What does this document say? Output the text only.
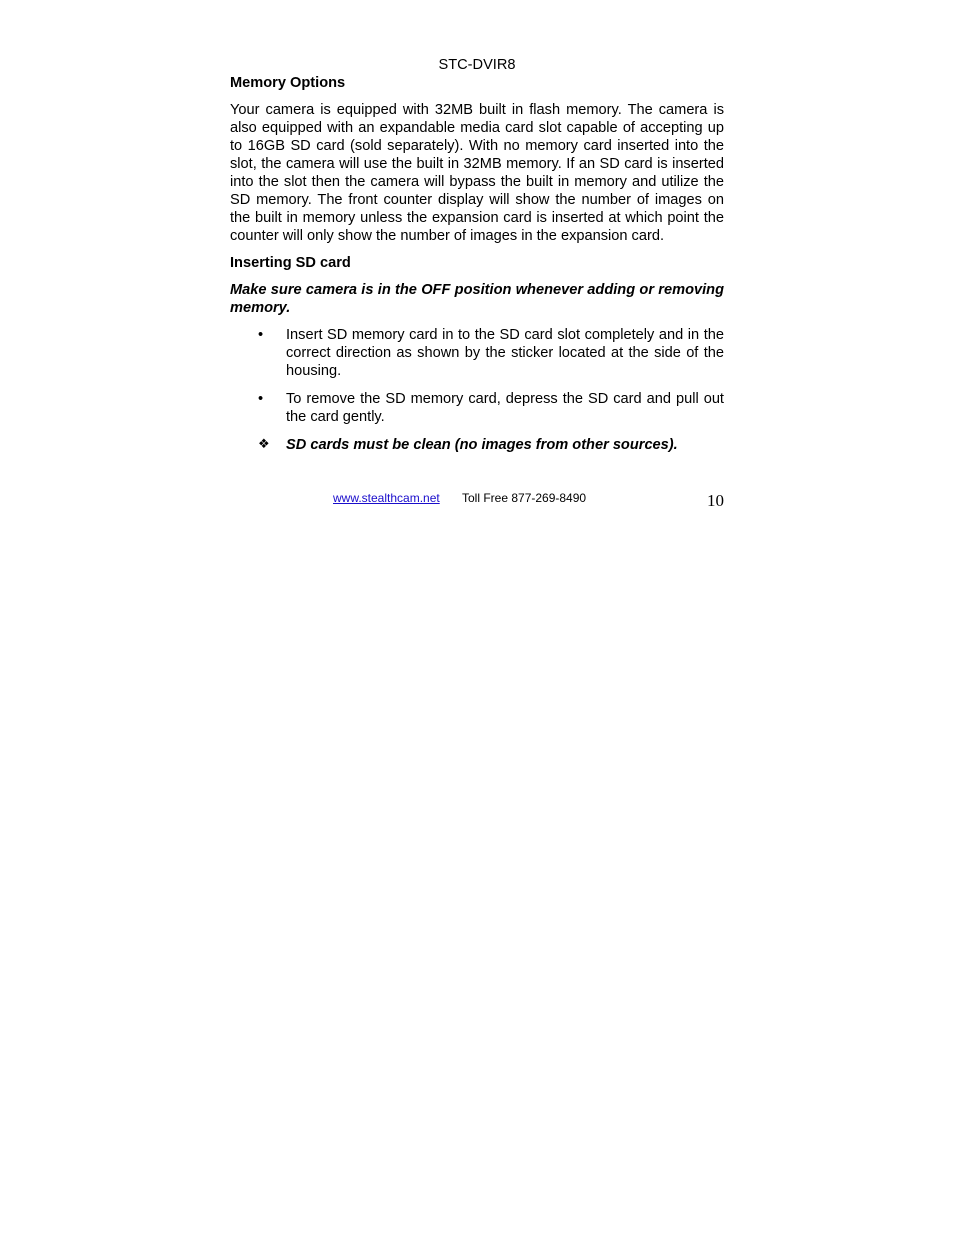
STC-DVIR8

Memory Options

Your camera is equipped with 32MB built in flash memory. The camera is also equipped with an expandable media card slot capable of accepting up to 16GB SD card (sold separately). With no memory card inserted into the slot, the camera will use the built in 32MB memory. If an SD card is inserted into the slot then the camera will bypass the built in memory and utilize the SD memory. The front counter display will show the number of images on the built in memory unless the expansion card is inserted at which point the counter will only show the number of images in the expansion card.

Inserting SD card

Make sure camera is in the OFF position whenever adding or removing memory.

•	Insert SD memory card in to the SD card slot completely and in the correct direction as shown by the sticker located at the side of the housing.
•	To remove the SD memory card, depress the SD card and pull out the card gently.
❖ SD cards must be clean (no images from other sources).
www.stealthcam.net Toll Free 877-269-8490	10
